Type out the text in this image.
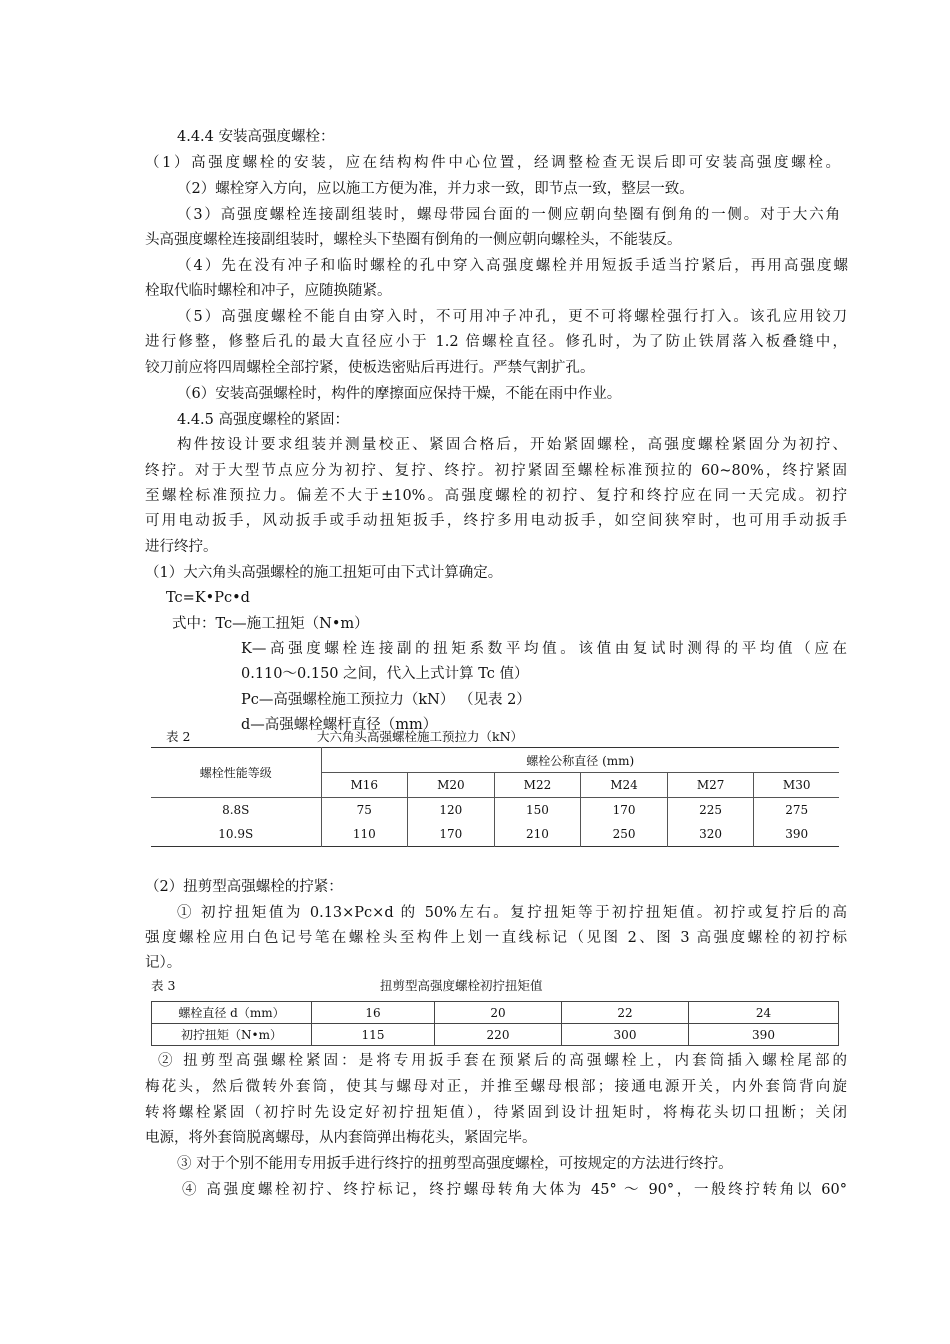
4.4.4 安装高强度螺栓：
（1）高强度螺栓的安装，应在结构构件中心位置，经调整检查无误后即可安装高强度螺栓。
（2）螺栓穿入方向，应以施工方便为准，并力求一致，即节点一致，整层一致。
（3）高强度螺栓连接副组装时，螺母带园台面的一侧应朝向垫圈有倒角的一侧。对于大六角
头高强度螺栓连接副组装时，螺栓头下垫圈有倒角的一侧应朝向螺栓头，不能装反。
（4）先在没有冲子和临时螺栓的孔中穿入高强度螺栓并用短扳手适当拧紧后，再用高强度螺
栓取代临时螺栓和冲子，应随换随紧。
（5）高强度螺栓不能自由穿入时，不可用冲子冲孔，更不可将螺栓强行打入。该孔应用铰刀
进行修整，修整后孔的最大直径应小于 1.2 倍螺栓直径。修孔时，为了防止铁屑落入板叠缝中，
铰刀前应将四周螺栓全部拧紧，使板迭密贴后再进行。严禁气割扩孔。
（6）安装高强螺栓时，构件的摩擦面应保持干燥，不能在雨中作业。
4.4.5 高强度螺栓的紧固：
构件按设计要求组装并测量校正、紧固合格后，开始紧固螺栓，高强度螺栓紧固分为初拧、
终拧。对于大型节点应分为初拧、复拧、终拧。初拧紧固至螺栓标准预拉的 60~80%，终拧紧固
至螺栓标准预拉力。偏差不大于±10%。高强度螺栓的初拧、复拧和终拧应在同一天完成。初拧
可用电动扳手，风动扳手或手动扭矩扳手，终拧多用电动扳手，如空间狭窄时，也可用手动扳手
进行终拧。
（1）大六角头高强螺栓的施工扭矩可由下式计算确定。
Tc=K•Pc•d
式中：Tc—施工扭矩（N•m）
K—高强度螺栓连接副的扭矩系数平均值。该值由复试时测得的平均值（应在
0.110～0.150 之间，代入上式计算 Tc 值）
Pc—高强螺栓施工预拉力（kN） （见表 2）
d—高强螺栓螺杆直径（mm）
表 2	大六角头高强螺栓施工预拉力（kN）
螺栓性能等级	螺栓公称直径 (mm)					
	M16	M20	M22	M24	M27	M30
8.8S	75	120	150	170	225	275
10.9S	110	170	210	250	320	390
（2）扭剪型高强螺栓的拧紧：
① 初拧扭矩值为 0.13×Pc×d 的 50%左右。复拧扭矩等于初拧扭矩值。初拧或复拧后的高
强度螺栓应用白色记号笔在螺栓头至构件上划一直线标记（见图 2、图 3 高强度螺栓的初拧标
记）。
表 3	扭剪型高强度螺栓初拧扭矩值
螺栓直径 d（mm）	16	20	22	24
初拧扭矩（N•m）	115	220	300	390
② 扭剪型高强螺栓紧固：是将专用扳手套在预紧后的高强螺栓上，内套筒插入螺栓尾部的
梅花头，然后微转外套筒，使其与螺母对正，并推至螺母根部；接通电源开关，内外套筒背向旋
转将螺栓紧固（初拧时先设定好初拧扭矩值），待紧固到设计扭矩时，将梅花头切口扭断；关闭
电源，将外套筒脱离螺母，从内套筒弹出梅花头，紧固完毕。
③ 对于个别不能用专用扳手进行终拧的扭剪型高强度螺栓，可按规定的方法进行终拧。
④ 高强度螺栓初拧、终拧标记，终拧螺母转角大体为 45° ～ 90°，一般终拧转角以 60°
